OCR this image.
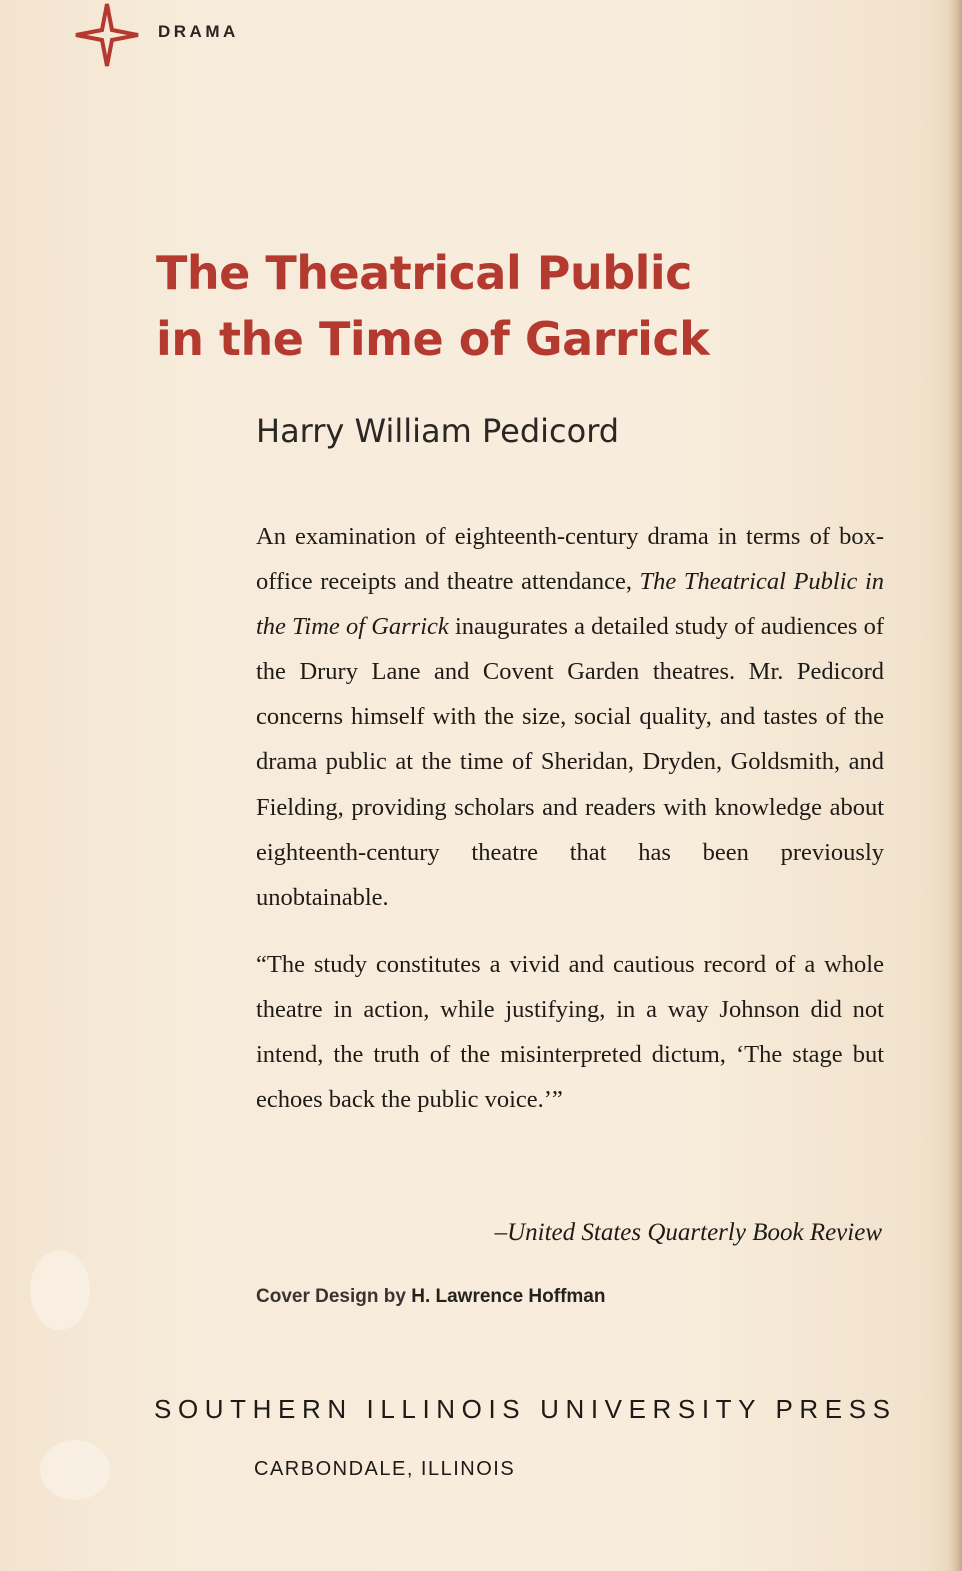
DRAMA
The Theatrical Public
in the Time of Garrick
Harry William Pedicord

An examination of eighteenth-century drama in terms of box-office receipts and theatre attendance, The Theatrical Public in the Time of Garrick inaugurates a detailed study of audiences of the Drury Lane and Covent Garden theatres. Mr. Pedicord concerns himself with the size, social quality, and tastes of the drama public at the time of Sheridan, Dryden, Goldsmith, and Fielding, providing scholars and readers with knowledge about eighteenth-century theatre that has been previously unobtainable.

“The study constitutes a vivid and cautious record of a whole theatre in action, while justifying, in a way Johnson did not intend, the truth of the misinterpreted dictum, ‘The stage but echoes back the public voice.’”

–United States Quarterly Book Review
Cover Design by H. Lawrence Hoffman
SOUTHERN ILLINOIS UNIVERSITY PRESS
CARBONDALE, ILLINOIS
